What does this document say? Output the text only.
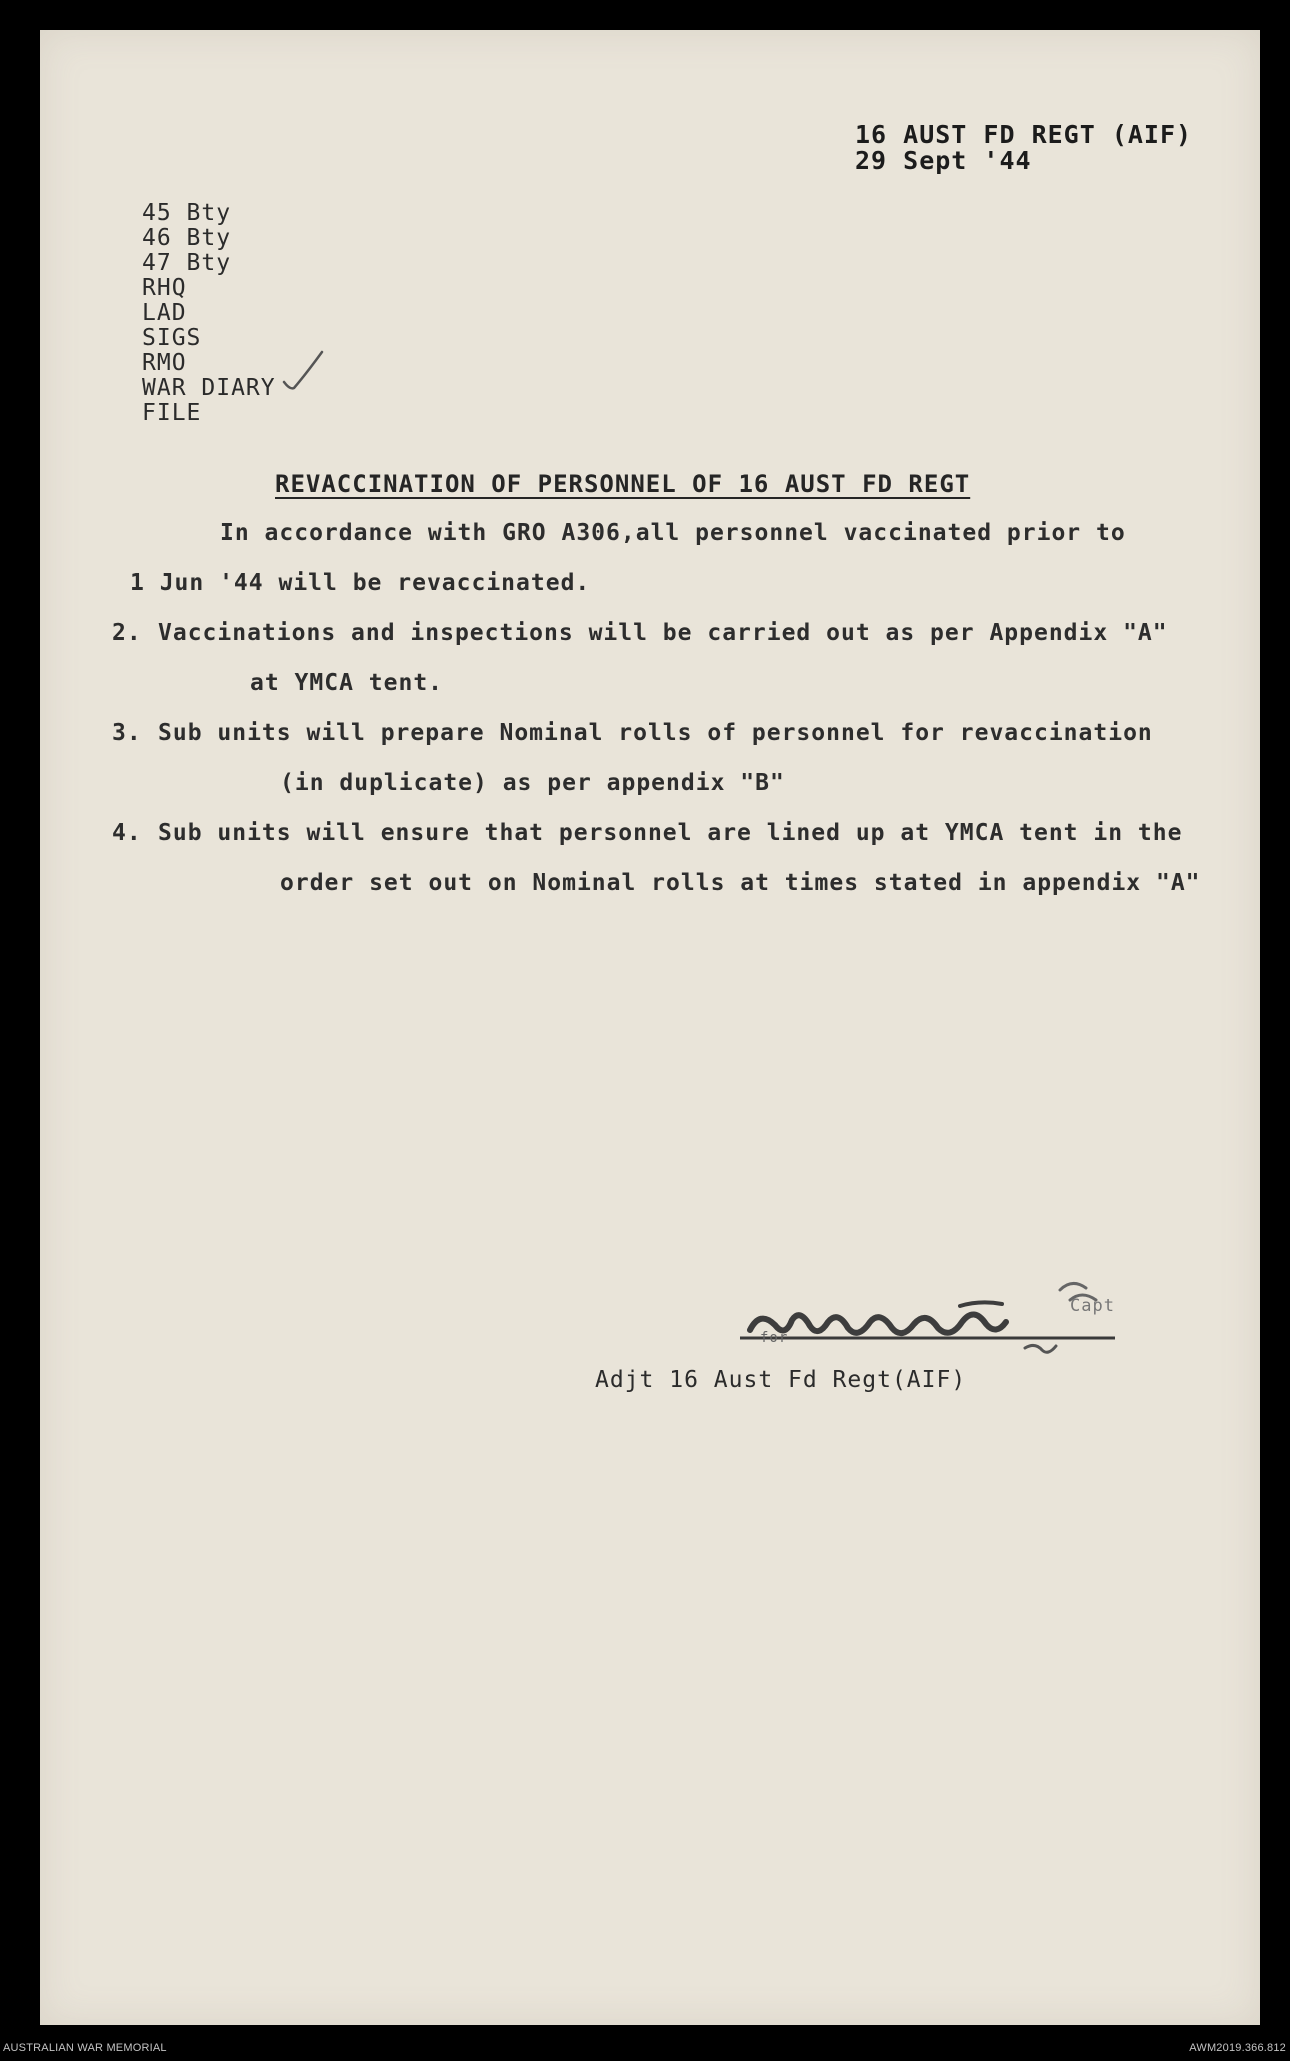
16 AUST FD REGT (AIF)
29 Sept '44
45 Bty
46 Bty
47 Bty
RHQ
LAD
SIGS
RMO
WAR DIARY
FILE
REVACCINATION OF PERSONNEL OF 16 AUST FD REGT
In accordance with GRO A306,all personnel vaccinated prior to
1 Jun '44 will be revaccinated.
2. Vaccinations and inspections will be carried out as per Appendix "A"
at YMCA tent.
3. Sub units will prepare Nominal rolls of personnel for revaccination
(in duplicate) as per appendix "B"
4. Sub units will ensure that personnel are lined up at YMCA tent in the
order set out on Nominal rolls at times stated in appendix "A"
Capt
for
Adjt 16 Aust Fd Regt(AIF)
AUSTRALIAN WAR MEMORIAL	AWM2019.366.812
